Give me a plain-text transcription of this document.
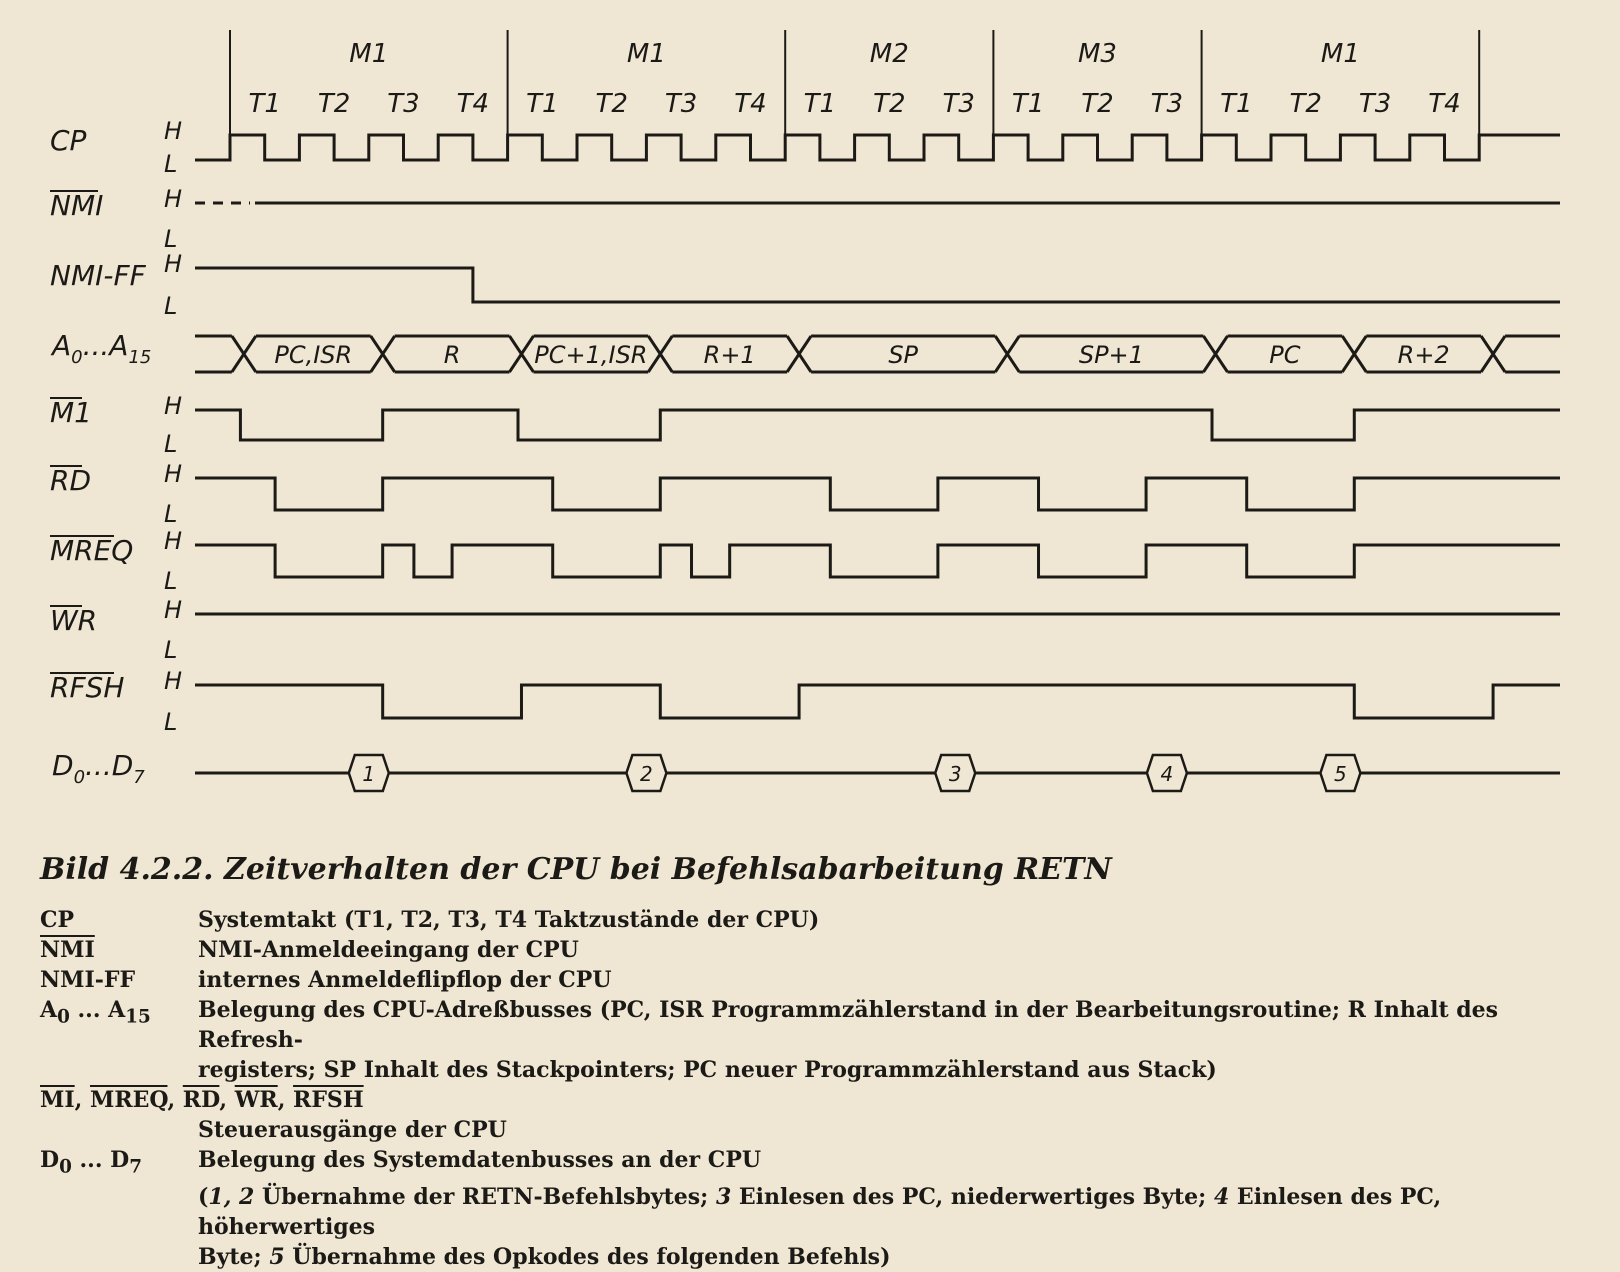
M1	M1	M2	M3	M1
T1 T2 T3 T4 T1 T2 T3 T4 T1 T2 T3 T1 T2 T3 T1 T2 T3 T4
CP	H
L
NMI	H
L
NMI-FF H
L
$A_0...A_{15}$
M1	H
L
RD	H
L
MREQ H
L
WR	H
L
RFSH H
L
$D_0...D_7$
PC,ISR	R	PC+1,ISR R+1	SP	SP+1	PC	R+2
1	2	3	4	5
Bild 4.2.2. Zeitverhalten der CPU bei Befehlsabarbeitung RETN
CP	Systemtakt (T1, T2, T3, T4 Taktzustände der CPU)
$\overline{NMI}$	NMI-Anmeldeeingang der CPU
NMI-FF	internes Anmeldeflipflop der CPU
$A_0$ ... $A_{15}$	Belegung des CPU-Adreßbusses (PC, ISR Programmzählerstand in der Bearbeitungsroutine; R Inhalt des Refresh-
registers; SP Inhalt des Stackpointers; PC neuer Programmzählerstand aus Stack)
$\overline{MI}$, MREQ, $\overline{RD}$, $\overline{WR}$, RFSH
Steuerausgänge der CPU
$D_0$ ... $D_7$	Belegung des Systemdatenbusses an der CPU
(1, 2 Übernahme der RETN-Befehlsbytes; 3 Einlesen des PC, niederwertiges Byte; 4 Einlesen des PC, höherwertiges
Byte; 5 Übernahme des Opkodes des folgenden Befehls)
